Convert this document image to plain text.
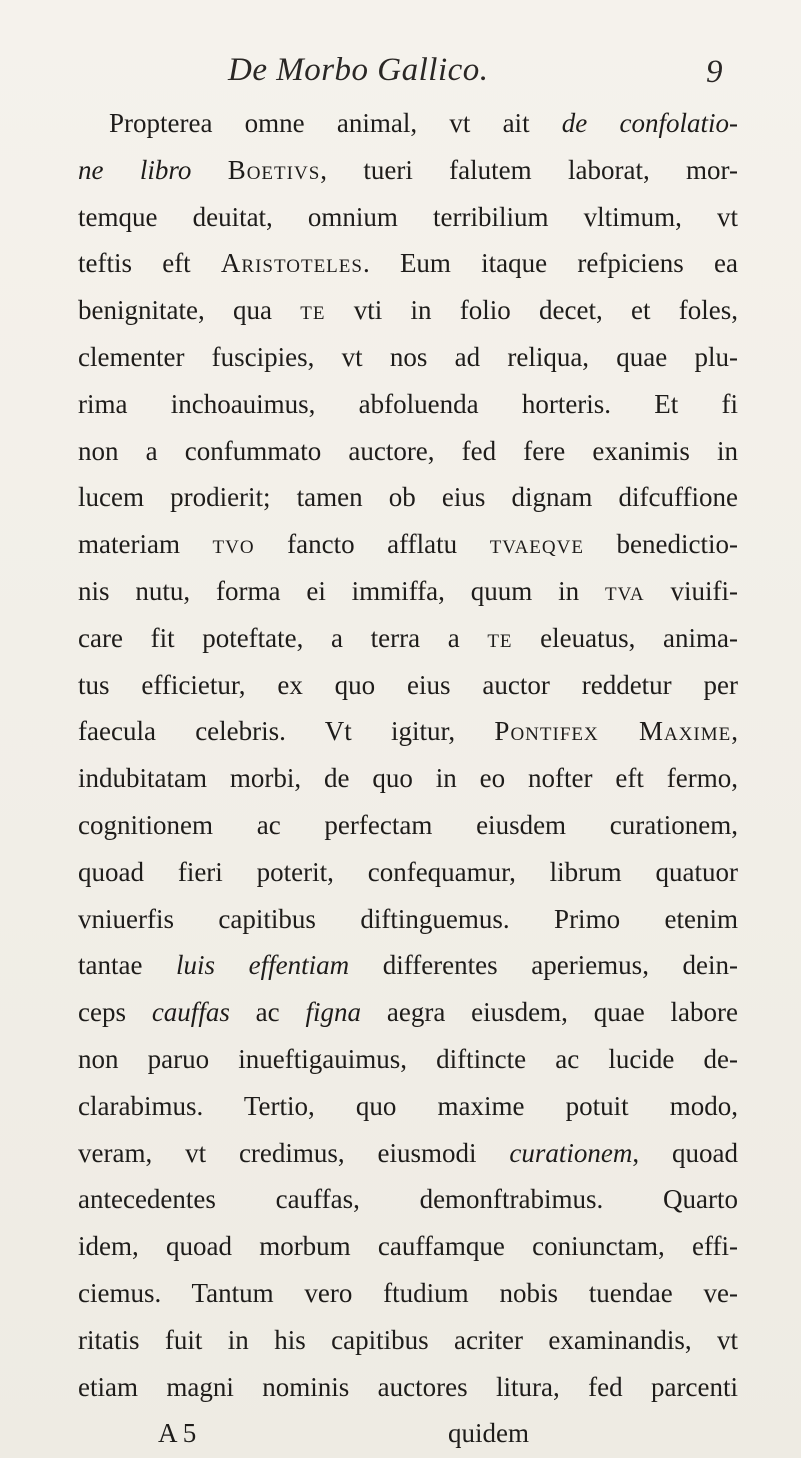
De Morbo Gallico.	9
Propterea omne animal, vt ait de confolatio-
ne libro Boetivs, tueri falutem laborat, mor-
temque deuitat, omnium terribilium vltimum, vt
teftis eft Aristoteles. Eum itaque refpiciens ea
benignitate, qua te vti in folio decet, et foles,
clementer fuscipies, vt nos ad reliqua, quae plu-
rima inchoauimus, abfoluenda horteris. Et fi
non a confummato auctore, fed fere exanimis in
lucem prodierit; tamen ob eius dignam difcuffione
materiam tvo fancto afflatu tvaeqve benedictio-
nis nutu, forma ei immiffa, quum in tva viuifi-
care fit poteftate, a terra a te eleuatus, anima-
tus efficietur, ex quo eius auctor reddetur per
faecula celebris. Vt igitur, Pontifex Maxime,
indubitatam morbi, de quo in eo nofter eft fermo,
cognitionem ac perfectam eiusdem curationem,
quoad fieri poterit, confequamur, librum quatuor
vniuerfis capitibus diftinguemus. Primo etenim
tantae luis effentiam differentes aperiemus, dein-
ceps cauffas ac figna aegra eiusdem, quae labore
non paruo inueftigauimus, diftincte ac lucide de-
clarabimus. Tertio, quo maxime potuit modo,
veram, vt credimus, eiusmodi curationem, quoad
antecedentes cauffas, demonftrabimus. Quarto
idem, quoad morbum cauffamque coniunctam, effi-
ciemus. Tantum vero ftudium nobis tuendae ve-
ritatis fuit in his capitibus acriter examinandis, vt
etiam magni nominis auctores litura, fed parcenti
A 5	quidem
